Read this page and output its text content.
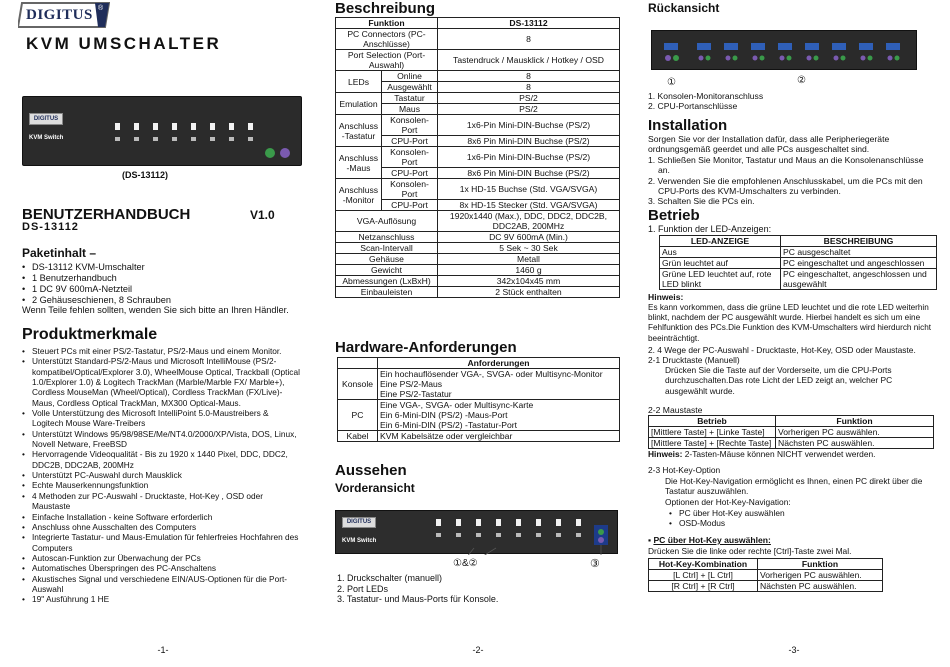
DIGITUS ®
KVM UMSCHALTER
DIGITUS
KVM Switch
(DS-13112)
BENUTZERHANDBUCH	V1.0
DS-13112
Paketinhalt –
• DS-13112 KVM-Umschalter
• 1 Benutzerhandbuch
• 1 DC 9V 600mA-Netzteil
• 2 Gehäuseschienen, 8 Schrauben
Wenn Teile fehlen sollten, wenden Sie sich bitte an Ihren Händler.
Produktmerkmale
• Steuert PCs mit einer PS/2-Tastatur, PS/2-Maus und einem Monitor.
• Unterstützt Standard-PS/2-Maus und Microsoft IntelliMouse (PS/2-kompatibel/Optical/Explorer 3.0), WheelMouse Optical, Trackball (Optical 1.0/Explorer 1.0) & Logitech TrackMan (Marble/Marble FX/ Marble+), Cordless MouseMan (Wheel/Optical), Cordless TrackMan (FX/Live)-Maus, Cordless Optical TrackMan, MX300 Optical-Maus.
• Volle Unterstützung des Microsoft IntelliPoint 5.0-Maustreibers & Logitech Mouse Ware-Treibers
• Unterstützt Windows 95/98/98SE/Me/NT4.0/2000/XP/Vista, DOS, Linux, Novell Netware, FreeBSD
• Hervorragende Videoqualität - Bis zu 1920 x 1440 Pixel, DDC, DDC2, DDC2B, DDC2AB, 200MHz
• Unterstützt PC-Auswahl durch Mausklick
• Echte Mauserkennungsfunktion
• 4 Methoden zur PC-Auswahl - Drucktaste, Hot-Key , OSD oder Maustaste
• Einfache Installation - keine Software erforderlich
• Anschluss ohne Ausschalten des Computers
• Integrierte Tastatur- und Maus-Emulation für fehlerfreies Hochfahren des Computers
• Autoscan-Funktion zur Überwachung der PCs
• Automatisches Überspringen des PC-Anschaltens
• Akustisches Signal und verschiedene EIN/AUS-Optionen für die Port-Auswahl
• 19" Ausführung 1 HE
-1-
Beschreibung
Funktion		DS-13112
PC Connectors (PC-Anschlüsse)		8
Port Selection (Port-Auswahl)		Tastendruck / Mausklick / Hotkey / OSD
LEDs	Online	8
	Ausgewählt	8
Emulation	Tastatur	PS/2
	Maus	PS/2
Anschluss -Tastatur	Konsolen-Port	1x6-Pin Mini-DIN-Buchse (PS/2)
	CPU-Port	8x6 Pin Mini-DIN Buchse (PS/2)
Anschluss -Maus	Konsolen-Port	1x6-Pin Mini-DIN-Buchse (PS/2)
	CPU-Port	8x6 Pin Mini-DIN Buchse (PS/2)
Anschluss -Monitor	Konsolen-Port	1x HD-15 Buchse (Std. VGA/SVGA)
	CPU-Port	8x HD-15 Stecker (Std. VGA/SVGA)
VGA-Auflösung		1920x1440 (Max.), DDC, DDC2, DDC2B, DDC2AB, 200MHz
Netzanschluss		DC 9V 600mA (Min.)
Scan-Intervall		5 Sek ~ 30 Sek
Gehäuse		Metall
Gewicht		1460 g
Abmessungen (LxBxH)		342x104x45 mm
Einbauleisten		2 Stück enthalten
Hardware-Anforderungen
	Anforderungen
Konsole	Ein hochauflösender VGA-, SVGA- oder Multisync-Monitor
Eine PS/2-Maus
Eine PS/2-Tastatur

PC	Eine VGA-, SVGA- oder Multisync-Karte
Ein 6-Mini-DIN (PS/2) -Maus-Port
Ein 6-Mini-DIN (PS/2) -Tastatur-Port

Kabel	KVM Kabelsätze oder vergleichbar
Aussehen
Vorderansicht
DIGITUS
KVM Switch
①&②	③
1. Druckschalter (manuell)
2. Port LEDs
3. Tastatur- und Maus-Ports für Konsole.
-2-
Rückansicht
①	②
1. Konsolen-Monitoranschluss
2. CPU-Portanschlüsse
Installation
Sorgen Sie vor der Installation dafür, dass alle Peripheriegeräte ordnungsgemäß geerdet und alle PCs ausgeschaltet sind.
1. Schließen Sie Monitor, Tastatur und Maus an die Konsolenanschlüsse an.
2. Verwenden Sie die empfohlenen Anschlusskabel, um die PCs mit den CPU-Ports des KVM-Umschalters zu verbinden.
3. Schalten Sie die PCs ein.
Betrieb
1. Funktion der LED-Anzeigen:
LED-ANZEIGE	BESCHREIBUNG
Aus	PC ausgeschaltet
Grün leuchtet auf	PC eingeschaltet und angeschlossen
Grüne LED leuchtet auf, rote LED blinkt	PC eingeschaltet, angeschlossen und ausgewählt
Hinweis:
Es kann vorkommen, dass die grüne LED leuchtet und die rote LED weiterhin blinkt, nachdem der PC ausgewählt wurde. Hierbei handelt es sich um eine Fehlfunktion des PCs.Die Funktion des KVM-Umschalters wird hierdurch nicht beeinträchtigt.
2. 4 Wege der PC-Auswahl - Drucktaste, Hot-Key, OSD oder Maustaste.
2-1 Drucktaste (Manuell)
Drücken Sie die Taste auf der Vorderseite, um die CPU-Ports durchzuschalten.Das rote Licht der LED zeigt an, welcher PC ausgewählt wurde.
2-2 Maustaste
Betrieb	Funktion
[Mittlere Taste] + [Linke Taste]	Vorherigen PC auswählen.
[Mittlere Taste] + [Rechte Taste]	Nächsten PC auswählen.
Hinweis: 2-Tasten-Mäuse können NICHT verwendet werden.
2-3 Hot-Key-Option
Die Hot-Key-Navigation ermöglicht es Ihnen, einen PC direkt über die Tastatur auszuwählen.
Optionen der Hot-Key-Navigation:
• PC über Hot-Key auswählen
• OSD-Modus
▪ PC über Hot-Key auswählen:
Drücken Sie die linke oder rechte [Ctrl]-Taste zwei Mal.
Hot-Key-Kombination	Funktion
[L Ctrl] + [L Ctrl]	Vorherigen PC auswählen.
[R Ctrl] + [R Ctrl]	Nächsten PC auswählen.
-3-
